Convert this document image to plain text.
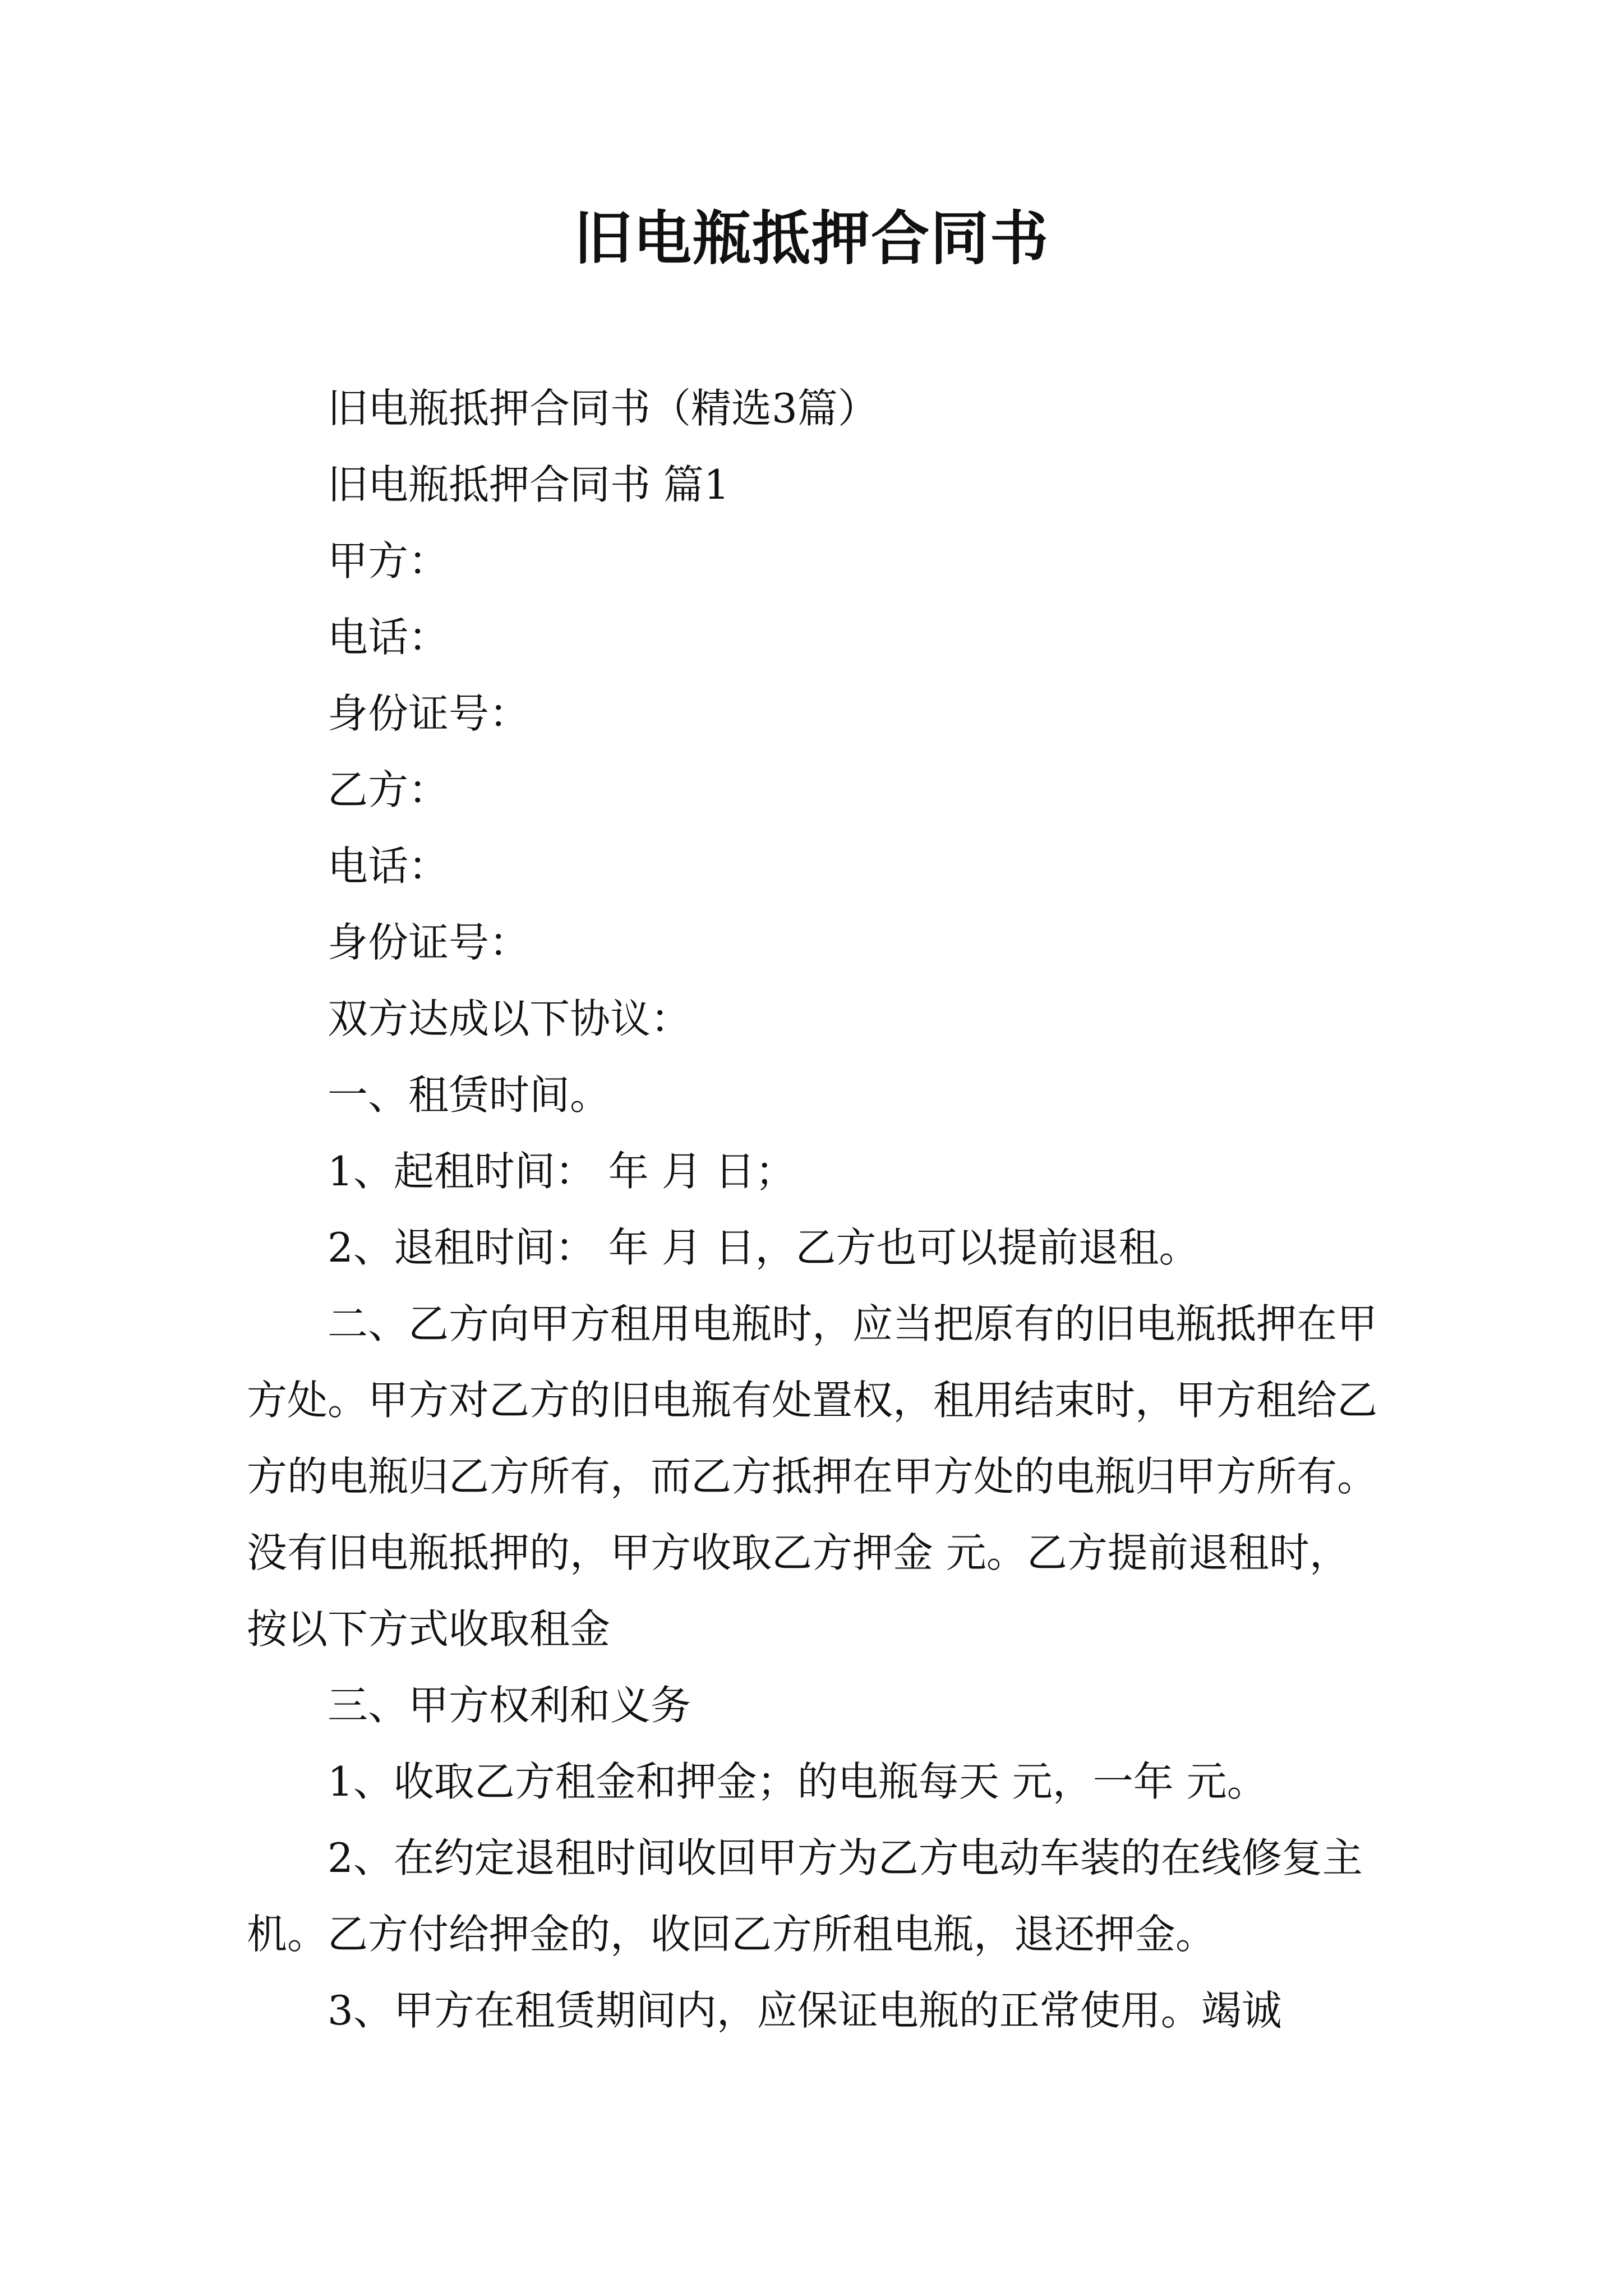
旧电瓶抵押合同书

旧电瓶抵押合同书（精选3篇）

旧电瓶抵押合同书 篇1

甲方：

电话：

身份证号：

乙方：

电话：

身份证号：

双方达成以下协议：

一、租赁时间。

1、起租时间： 年 月 日；

2、退租时间： 年 月 日，乙方也可以提前退租。

二、乙方向甲方租用电瓶时，应当把原有的旧电瓶抵押在甲方处。甲方对乙方的旧电瓶有处置权，租用结束时，甲方租给乙方的电瓶归乙方所有，而乙方抵押在甲方处的电瓶归甲方所有。没有旧电瓶抵押的，甲方收取乙方押金 元。乙方提前退租时，按以下方式收取租金

三、甲方权利和义务

1、收取乙方租金和押金；的电瓶每天 元，一年 元。

2、在约定退租时间收回甲方为乙方电动车装的在线修复主机。乙方付给押金的，收回乙方所租电瓶，退还押金。

3、甲方在租赁期间内，应保证电瓶的正常使用。竭诚
